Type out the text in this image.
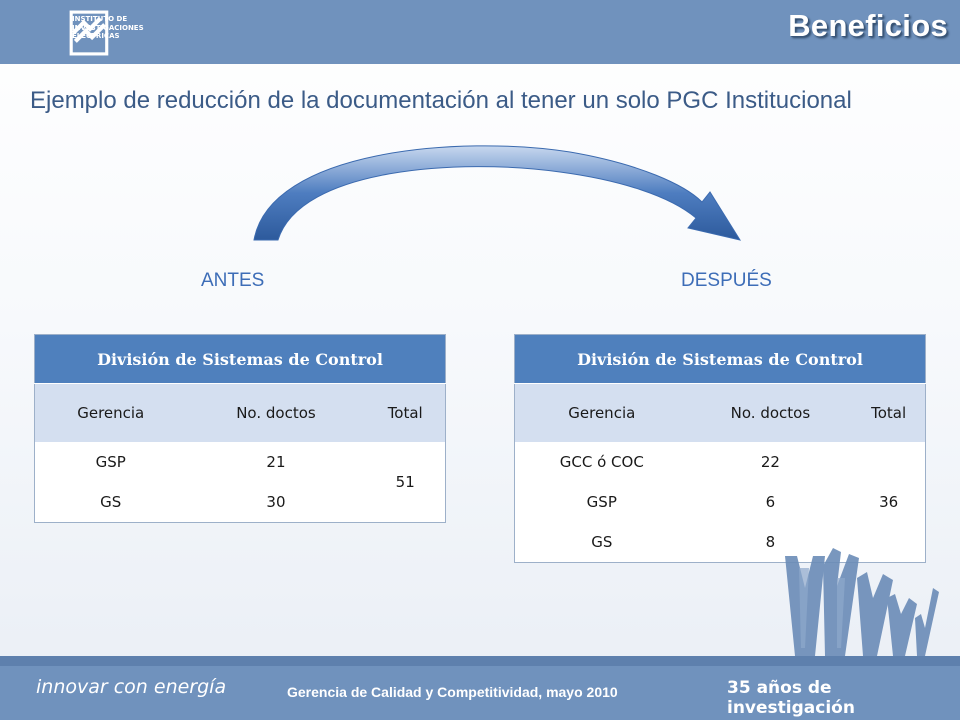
INSTITUTO DE
INVESTIGACIONES
ELECTRICAS	Beneficios
Ejemplo de reducción de la documentación al tener un solo PGC Institucional
ANTES	DESPUÉS
División de Sistemas de Control		
Gerencia	No. doctos	Total
GSP	21	51
GS	30	
División de Sistemas de Control		
Gerencia	No. doctos	Total
GCC ó COC	22	36
GSP	6	
GS	8	
innovar con energía	Gerencia de Calidad y Competitividad, mayo 2010	35 años de investigación
